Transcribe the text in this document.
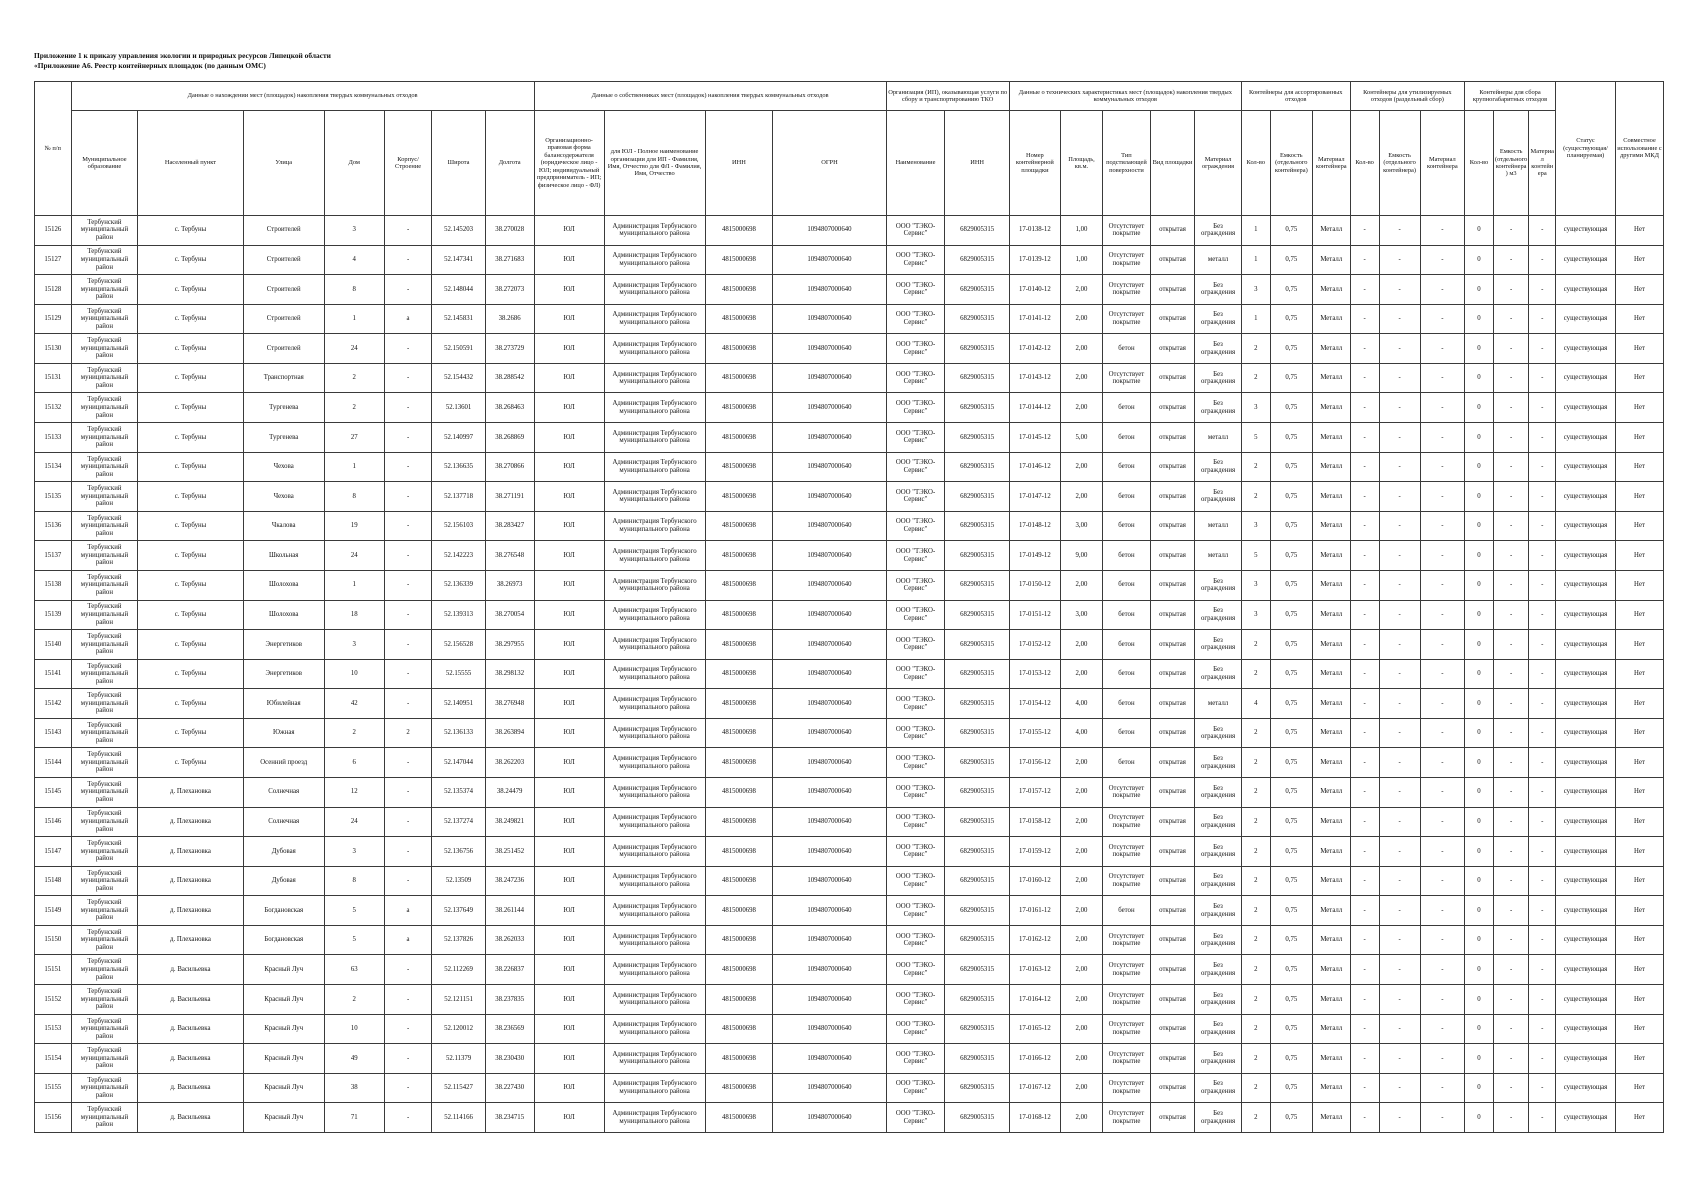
Приложение 1 к приказу управления экологии и природных ресурсов Липецкой области
«Приложение А6. Реестр контейнерных площадок (по данным ОМС)
№ п/п	Данные о нахождении мест (площадок) накопления твердых коммунальных отходов							Данные о собственниках мест (площадок) накопления твердых коммунальных отходов				Организация (ИП), оказывающая услуги по сбору и транспортированию ТКО		Данные о технических характеристиках мест (площадок) накопления твердых коммунальных отходов					Контейнеры для ассортированных отходов			Контейнеры для утилизируемых отходов (раздельный сбор)			Контейнеры для сбора крупногабаритных отходов			Статус (существующая/ планируемая)	Совместное использование с другими МКД
	Муниципальное образование	Населенный пункт	Улица	Дом	Корпус/Строение	Широта	Долгота	Организационно-правовая форма балансодержателя (юридическое лицо - ЮЛ; индивидуальный предприниматель - ИП; физическое лицо - ФЛ)	для ЮЛ - Полное наименование организации для ИП - Фамилия, Имя, Отчество для ФЛ - Фамилия, Имя, Отчество	ИНН	ОГРН	Наименование	ИНН	Номер контейнерной площадки	Площадь, кв.м.	Тип подстилающей поверхности	Вид площадки	Материал ограждения	Кол-во	Емкость (отдельного контейнера)	Материал контейнера	Кол-во	Емкость (отдельного контейнера)	Материал контейнера	Кол-во	Емкость (отдельного контейнера) м3	Материал контейнера		
15126	Тербунский муниципальный район	с. Тербуны	Строителей	3	-	52.145203	38.270028	ЮЛ	Администрация Тербунского муниципального района	4815000698	1094807000640	ООО "ТЭКО-Сервис"	6829005315	17-0138-12	1,00	Отсутствует покрытие	открытая	Без ограждения	1	0,75	Металл	-	-	-	0	-	-	существующая	Нет
15127	Тербунский муниципальный район	с. Тербуны	Строителей	4	-	52.147341	38.271683	ЮЛ	Администрация Тербунского муниципального района	4815000698	1094807000640	ООО "ТЭКО-Сервис"	6829005315	17-0139-12	1,00	Отсутствует покрытие	открытая	металл	1	0,75	Металл	-	-	-	0	-	-	существующая	Нет
15128	Тербунский муниципальный район	с. Тербуны	Строителей	8	-	52.148044	38.272073	ЮЛ	Администрация Тербунского муниципального района	4815000698	1094807000640	ООО "ТЭКО-Сервис"	6829005315	17-0140-12	2,00	Отсутствует покрытие	открытая	Без ограждения	3	0,75	Металл	-	-	-	0	-	-	существующая	Нет
15129	Тербунский муниципальный район	с. Тербуны	Строителей	1	а	52.145831	38.2686	ЮЛ	Администрация Тербунского муниципального района	4815000698	1094807000640	ООО "ТЭКО-Сервис"	6829005315	17-0141-12	2,00	Отсутствует покрытие	открытая	Без ограждения	1	0,75	Металл	-	-	-	0	-	-	существующая	Нет
15130	Тербунский муниципальный район	с. Тербуны	Строителей	24	-	52.150591	38.273729	ЮЛ	Администрация Тербунского муниципального района	4815000698	1094807000640	ООО "ТЭКО-Сервис"	6829005315	17-0142-12	2,00	бетон	открытая	Без ограждения	2	0,75	Металл	-	-	-	0	-	-	существующая	Нет
15131	Тербунский муниципальный район	с. Тербуны	Транспортная	2	-	52.154432	38.288542	ЮЛ	Администрация Тербунского муниципального района	4815000698	1094807000640	ООО "ТЭКО-Сервис"	6829005315	17-0143-12	2,00	Отсутствует покрытие	открытая	Без ограждения	2	0,75	Металл	-	-	-	0	-	-	существующая	Нет
15132	Тербунский муниципальный район	с. Тербуны	Тургенева	2	-	52.13601	38.268463	ЮЛ	Администрация Тербунского муниципального района	4815000698	1094807000640	ООО "ТЭКО-Сервис"	6829005315	17-0144-12	2,00	бетон	открытая	Без ограждения	3	0,75	Металл	-	-	-	0	-	-	существующая	Нет
15133	Тербунский муниципальный район	с. Тербуны	Тургенева	27	-	52.140997	38.268869	ЮЛ	Администрация Тербунского муниципального района	4815000698	1094807000640	ООО "ТЭКО-Сервис"	6829005315	17-0145-12	5,00	бетон	открытая	металл	5	0,75	Металл	-	-	-	0	-	-	существующая	Нет
15134	Тербунский муниципальный район	с. Тербуны	Чехова	1	-	52.136635	38.270866	ЮЛ	Администрация Тербунского муниципального района	4815000698	1094807000640	ООО "ТЭКО-Сервис"	6829005315	17-0146-12	2,00	бетон	открытая	Без ограждения	2	0,75	Металл	-	-	-	0	-	-	существующая	Нет
15135	Тербунский муниципальный район	с. Тербуны	Чехова	8	-	52.137718	38.271191	ЮЛ	Администрация Тербунского муниципального района	4815000698	1094807000640	ООО "ТЭКО-Сервис"	6829005315	17-0147-12	2,00	бетон	открытая	Без ограждения	2	0,75	Металл	-	-	-	0	-	-	существующая	Нет
15136	Тербунский муниципальный район	с. Тербуны	Чкалова	19	-	52.156103	38.283427	ЮЛ	Администрация Тербунского муниципального района	4815000698	1094807000640	ООО "ТЭКО-Сервис"	6829005315	17-0148-12	3,00	бетон	открытая	металл	3	0,75	Металл	-	-	-	0	-	-	существующая	Нет
15137	Тербунский муниципальный район	с. Тербуны	Школьная	24	-	52.142223	38.276548	ЮЛ	Администрация Тербунского муниципального района	4815000698	1094807000640	ООО "ТЭКО-Сервис"	6829005315	17-0149-12	9,00	бетон	открытая	металл	5	0,75	Металл	-	-	-	0	-	-	существующая	Нет
15138	Тербунский муниципальный район	с. Тербуны	Шолохова	1	-	52.136339	38.26973	ЮЛ	Администрация Тербунского муниципального района	4815000698	1094807000640	ООО "ТЭКО-Сервис"	6829005315	17-0150-12	2,00	бетон	открытая	Без ограждения	3	0,75	Металл	-	-	-	0	-	-	существующая	Нет
15139	Тербунский муниципальный район	с. Тербуны	Шолохова	18	-	52.139313	38.270054	ЮЛ	Администрация Тербунского муниципального района	4815000698	1094807000640	ООО "ТЭКО-Сервис"	6829005315	17-0151-12	3,00	бетон	открытая	Без ограждения	3	0,75	Металл	-	-	-	0	-	-	существующая	Нет
15140	Тербунский муниципальный район	с. Тербуны	Энергетиков	3	-	52.156528	38.297955	ЮЛ	Администрация Тербунского муниципального района	4815000698	1094807000640	ООО "ТЭКО-Сервис"	6829005315	17-0152-12	2,00	бетон	открытая	Без ограждения	2	0,75	Металл	-	-	-	0	-	-	существующая	Нет
15141	Тербунский муниципальный район	с. Тербуны	Энергетиков	10	-	52.15555	38.298132	ЮЛ	Администрация Тербунского муниципального района	4815000698	1094807000640	ООО "ТЭКО-Сервис"	6829005315	17-0153-12	2,00	бетон	открытая	Без ограждения	2	0,75	Металл	-	-	-	0	-	-	существующая	Нет
15142	Тербунский муниципальный район	с. Тербуны	Юбилейная	42	-	52.140951	38.276948	ЮЛ	Администрация Тербунского муниципального района	4815000698	1094807000640	ООО "ТЭКО-Сервис"	6829005315	17-0154-12	4,00	бетон	открытая	металл	4	0,75	Металл	-	-	-	0	-	-	существующая	Нет
15143	Тербунский муниципальный район	с. Тербуны	Южная	2	2	52.136133	38.263894	ЮЛ	Администрация Тербунского муниципального района	4815000698	1094807000640	ООО "ТЭКО-Сервис"	6829005315	17-0155-12	4,00	бетон	открытая	Без ограждения	2	0,75	Металл	-	-	-	0	-	-	существующая	Нет
15144	Тербунский муниципальный район	с. Тербуны	Осенний проезд	6	-	52.147044	38.262203	ЮЛ	Администрация Тербунского муниципального района	4815000698	1094807000640	ООО "ТЭКО-Сервис"	6829005315	17-0156-12	2,00	бетон	открытая	Без ограждения	2	0,75	Металл	-	-	-	0	-	-	существующая	Нет
15145	Тербунский муниципальный район	д. Плехановка	Солнечная	12	-	52.135374	38.24479	ЮЛ	Администрация Тербунского муниципального района	4815000698	1094807000640	ООО "ТЭКО-Сервис"	6829005315	17-0157-12	2,00	Отсутствует покрытие	открытая	Без ограждения	2	0,75	Металл	-	-	-	0	-	-	существующая	Нет
15146	Тербунский муниципальный район	д. Плехановка	Солнечная	24	-	52.137274	38.249821	ЮЛ	Администрация Тербунского муниципального района	4815000698	1094807000640	ООО "ТЭКО-Сервис"	6829005315	17-0158-12	2,00	Отсутствует покрытие	открытая	Без ограждения	2	0,75	Металл	-	-	-	0	-	-	существующая	Нет
15147	Тербунский муниципальный район	д. Плехановка	Дубовая	3	-	52.136756	38.251452	ЮЛ	Администрация Тербунского муниципального района	4815000698	1094807000640	ООО "ТЭКО-Сервис"	6829005315	17-0159-12	2,00	Отсутствует покрытие	открытая	Без ограждения	2	0,75	Металл	-	-	-	0	-	-	существующая	Нет
15148	Тербунский муниципальный район	д. Плехановка	Дубовая	8	-	52.13509	38.247236	ЮЛ	Администрация Тербунского муниципального района	4815000698	1094807000640	ООО "ТЭКО-Сервис"	6829005315	17-0160-12	2,00	Отсутствует покрытие	открытая	Без ограждения	2	0,75	Металл	-	-	-	0	-	-	существующая	Нет
15149	Тербунский муниципальный район	д. Плехановка	Богдановская	5	а	52.137649	38.261144	ЮЛ	Администрация Тербунского муниципального района	4815000698	1094807000640	ООО "ТЭКО-Сервис"	6829005315	17-0161-12	2,00	бетон	открытая	Без ограждения	2	0,75	Металл	-	-	-	0	-	-	существующая	Нет
15150	Тербунский муниципальный район	д. Плехановка	Богдановская	5	а	52.137826	38.262033	ЮЛ	Администрация Тербунского муниципального района	4815000698	1094807000640	ООО "ТЭКО-Сервис"	6829005315	17-0162-12	2,00	Отсутствует покрытие	открытая	Без ограждения	2	0,75	Металл	-	-	-	0	-	-	существующая	Нет
15151	Тербунский муниципальный район	д. Васильевка	Красный Луч	63	-	52.112269	38.226837	ЮЛ	Администрация Тербунского муниципального района	4815000698	1094807000640	ООО "ТЭКО-Сервис"	6829005315	17-0163-12	2,00	Отсутствует покрытие	открытая	Без ограждения	2	0,75	Металл	-	-	-	0	-	-	существующая	Нет
15152	Тербунский муниципальный район	д. Васильевка	Красный Луч	2	-	52.121151	38.237835	ЮЛ	Администрация Тербунского муниципального района	4815000698	1094807000640	ООО "ТЭКО-Сервис"	6829005315	17-0164-12	2,00	Отсутствует покрытие	открытая	Без ограждения	2	0,75	Металл	-	-	-	0	-	-	существующая	Нет
15153	Тербунский муниципальный район	д. Васильевка	Красный Луч	10	-	52.120012	38.236569	ЮЛ	Администрация Тербунского муниципального района	4815000698	1094807000640	ООО "ТЭКО-Сервис"	6829005315	17-0165-12	2,00	Отсутствует покрытие	открытая	Без ограждения	2	0,75	Металл	-	-	-	0	-	-	существующая	Нет
15154	Тербунский муниципальный район	д. Васильевка	Красный Луч	49	-	52.11379	38.230430	ЮЛ	Администрация Тербунского муниципального района	4815000698	1094807000640	ООО "ТЭКО-Сервис"	6829005315	17-0166-12	2,00	Отсутствует покрытие	открытая	Без ограждения	2	0,75	Металл	-	-	-	0	-	-	существующая	Нет
15155	Тербунский муниципальный район	д. Васильевка	Красный Луч	38	-	52.115427	38.227430	ЮЛ	Администрация Тербунского муниципального района	4815000698	1094807000640	ООО "ТЭКО-Сервис"	6829005315	17-0167-12	2,00	Отсутствует покрытие	открытая	Без ограждения	2	0,75	Металл	-	-	-	0	-	-	существующая	Нет
15156	Тербунский муниципальный район	д. Васильевка	Красный Луч	71	-	52.114166	38.234715	ЮЛ	Администрация Тербунского муниципального района	4815000698	1094807000640	ООО "ТЭКО-Сервис"	6829005315	17-0168-12	2,00	Отсутствует покрытие	открытая	Без ограждения	2	0,75	Металл	-	-	-	0	-	-	существующая	Нет
